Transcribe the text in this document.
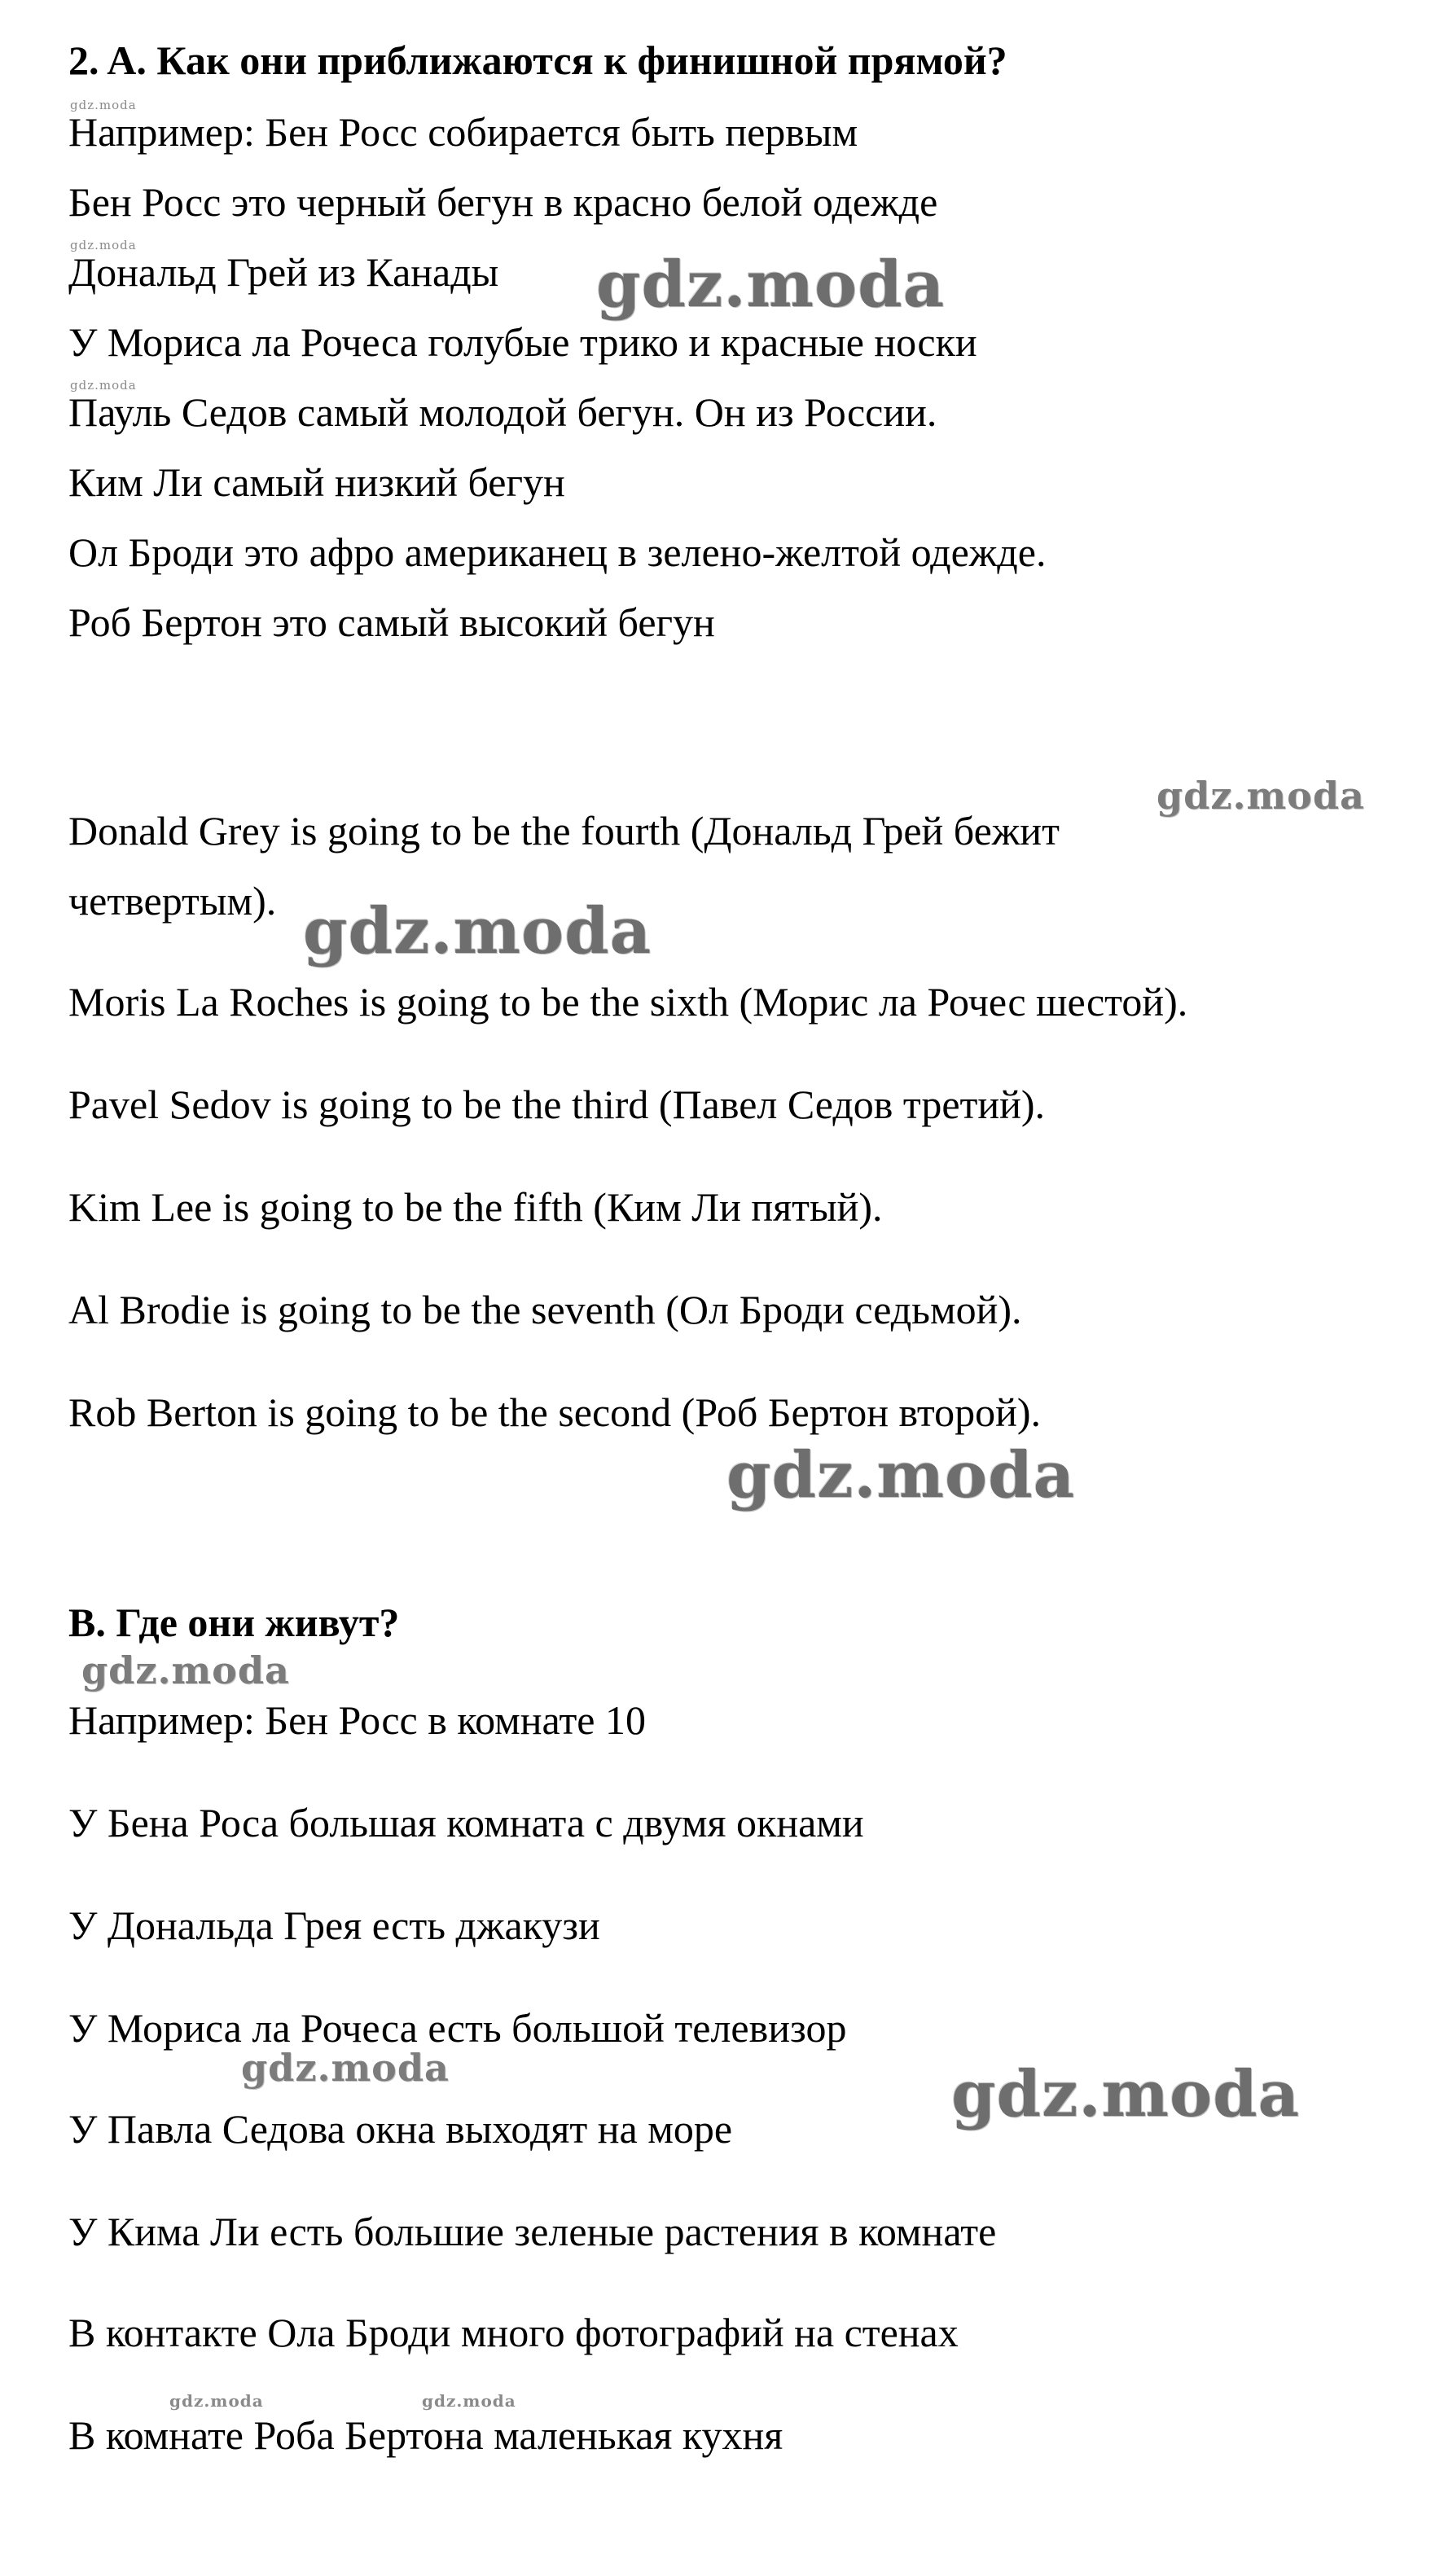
2. A. Как они приближаются к финишной прямой?
Например: Бен Росс собирается быть первым
Бен Росс это черный бегун в красно белой одежде
Дональд Грей из Канады
У Мориса ла Рочеса голубые трико и красные носки
Пауль Седов самый молодой бегун. Он из России.
Ким Ли самый низкий бегун
Ол Броди это афро американец в зелено-желтой одежде.
Роб Бертон это самый высокий бегун
Donald Grey is going to be the fourth (Дональд Грей бежит
четвертым).
Moris La Roches is going to be the sixth (Морис ла Рочес шестой).
Pavel Sedov is going to be the third (Павел Седов третий).
Kim Lee is going to be the fifth (Ким Ли пятый).
Al Brodie is going to be the seventh (Ол Броди седьмой).
Rob Berton is going to be the second (Роб Бертон второй).
B. Где они живут?
Например: Бен Росс в комнате 10
У Бена Роса большая комната с двумя окнами
У Дональда Грея есть джакузи
У Мориса ла Рочеса есть большой телевизор
У Павла Седова окна выходят на море
У Кима Ли есть большие зеленые растения в комнате
В контакте Ола Броди много фотографий на стенах
В комнате Роба Бертона маленькая кухня
gdz.moda
gdz.moda
gdz.moda
gdz.moda
gdz.moda
gdz.moda
gdz.moda
gdz.moda
gdz.moda	gdz.moda
gdz.moda	gdz.moda
